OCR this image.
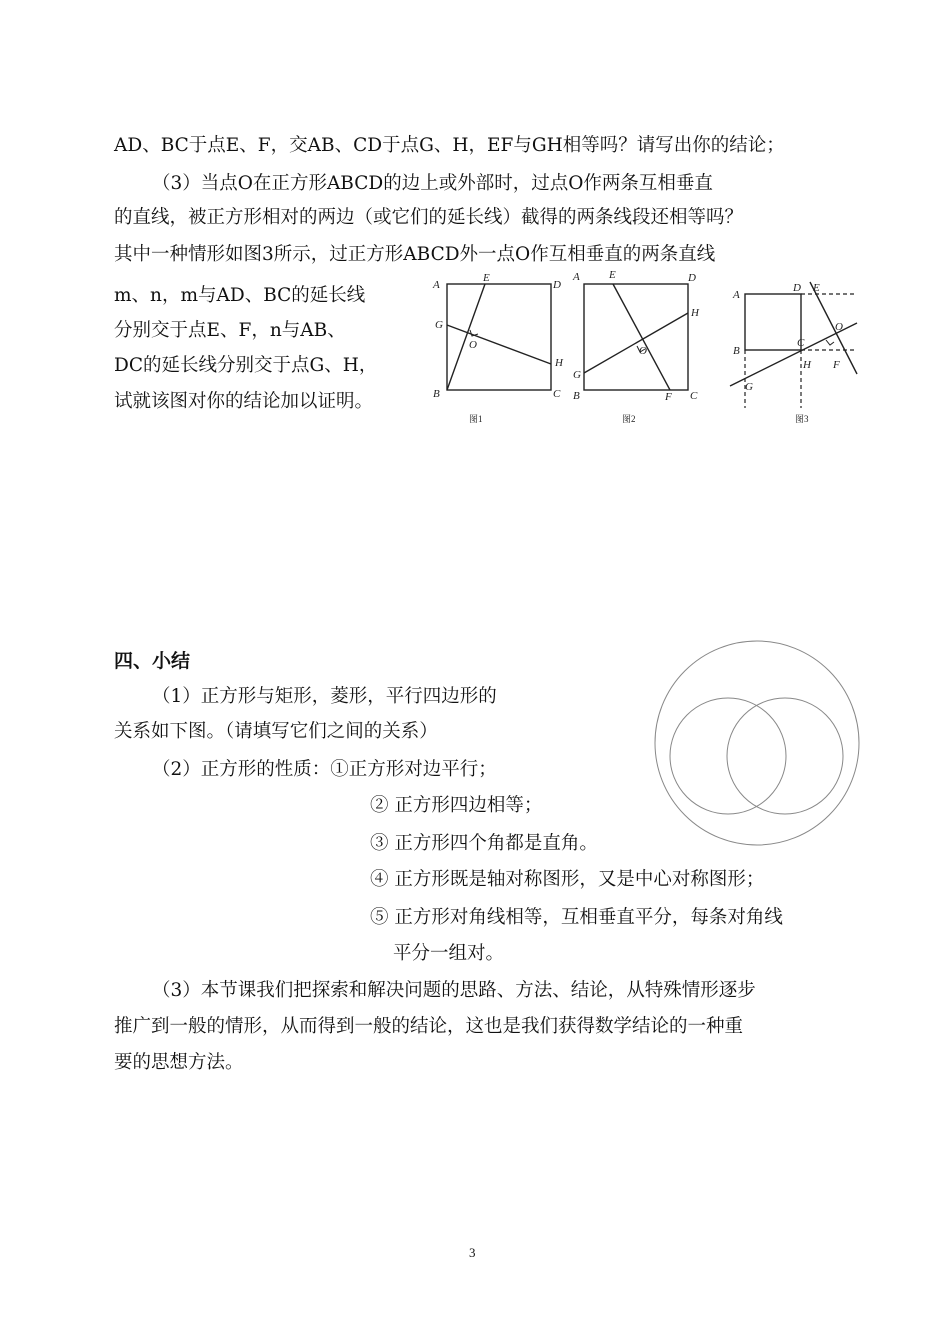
AD、BC于点E、F，交AB、CD于点G、H，EF与GH相等吗？请写出你的结论；
（3）当点O在正方形ABCD的边上或外部时，过点O作两条互相垂直
的直线，被正方形相对的两边（或它们的延长线）截得的两条线段还相等吗？
其中一种情形如图3所示，过正方形ABCD外一点O作互相垂直的两条直线
m、n，m与AD、BC的延长线
分别交于点E、F，n与AB、
DC的延长线分别交于点G、H，
试就该图对你的结论加以证明。
A
E
D
G
O
H
B	C
A	E	D
H
O
G
B	F C
A
D E
O
B
C
H F
G
图1	图2	图3
四、小结
（1）正方形与矩形，菱形，平行四边形的
关系如下图。（请填写它们之间的关系）
（2）正方形的性质：①正方形对边平行；
② 正方形四边相等；
③ 正方形四个角都是直角。
④ 正方形既是轴对称图形，又是中心对称图形；
⑤ 正方形对角线相等，互相垂直平分，每条对角线
平分一组对。
（3）本节课我们把探索和解决问题的思路、方法、结论，从特殊情形逐步
推广到一般的情形，从而得到一般的结论，这也是我们获得数学结论的一种重
要的思想方法。
3
